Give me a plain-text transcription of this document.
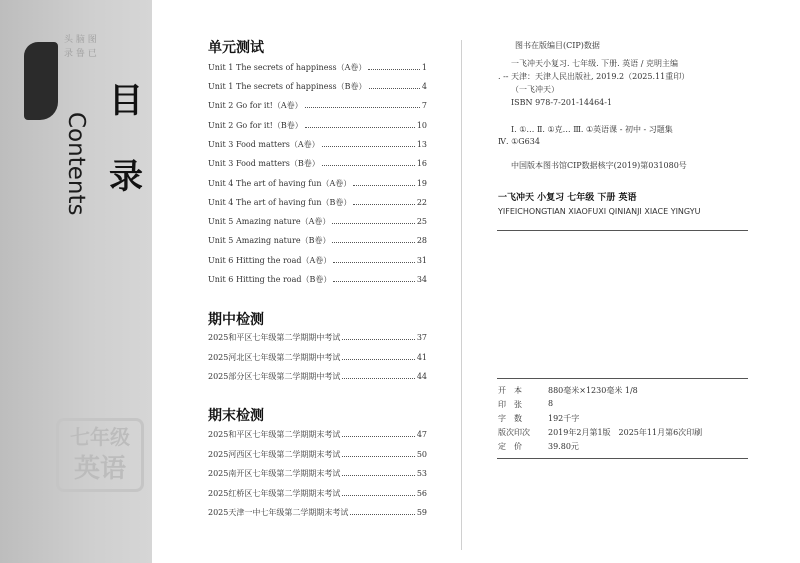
头 脑 图
录 鲁 已
目
录
Contents
七年级
英语
单元测试
Unit 1 The secrets of happiness（A卷）	1
Unit 1 The secrets of happiness（B卷）	4
Unit 2 Go for it!（A卷）	7
Unit 2 Go for it!（B卷）	10
Unit 3 Food matters（A卷）	13
Unit 3 Food matters（B卷）	16
Unit 4 The art of having fun（A卷）	19
Unit 4 The art of having fun（B卷）	22
Unit 5 Amazing nature（A卷）	25
Unit 5 Amazing nature（B卷）	28
Unit 6 Hitting the road（A卷）	31
Unit 6 Hitting the road（B卷）	34
期中检测
2025和平区七年级第二学期期中考试	37
2025河北区七年级第二学期期中考试	41
2025部分区七年级第二学期期中考试	44
期末检测
2025和平区七年级第二学期期末考试	47
2025河西区七年级第二学期期末考试	50
2025南开区七年级第二学期期末考试	53
2025红桥区七年级第二学期期末考试	56
2025天津一中七年级第二学期期末考试	59
图书在版编目(CIP)数据
一飞冲天小复习. 七年级. 下册. 英语 / 克明主编
. -- 天津：天津人民出版社, 2019.2（2025.11重印）
（一飞冲天）
ISBN 978-7-201-14464-1
Ⅰ. ①… Ⅱ. ①克… Ⅲ. ①英语课 - 初中 - 习题集
Ⅳ. ①G634
中国版本图书馆CIP数据核字(2019)第031080号
一飞冲天 小复习 七年级 下册 英语
YIFEICHONGTIAN XIAOFUXI QINIANJI XIACE YINGYU
开　本	880毫米×1230毫米 1/8
印　张	8
字　数	192千字
版次印次	2019年2月第1版　2025年11月第6次印刷
定　价	39.80元
